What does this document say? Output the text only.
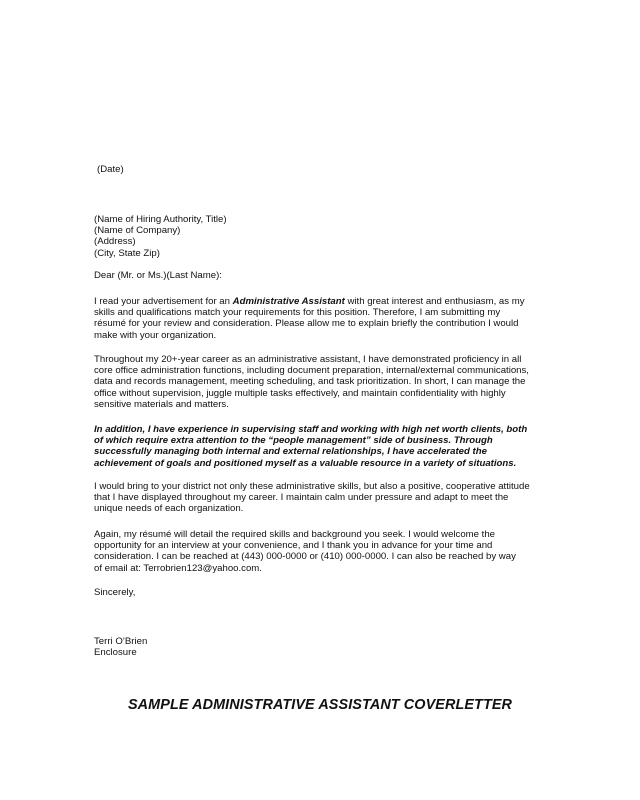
(Date)
(Name of Hiring Authority, Title)
(Name of Company)
(Address)
(City, State Zip)
Dear (Mr. or Ms.)(Last Name):
I read your advertisement for an Administrative Assistant with great interest and enthusiasm, as my
skills and qualifications match your requirements for this position. Therefore, I am submitting my
résumé for your review and consideration. Please allow me to explain briefly the contribution I would
make with your organization.
Throughout my 20+-year career as an administrative assistant, I have demonstrated proficiency in all
core office administration functions, including document preparation, internal/external communications,
data and records management, meeting scheduling, and task prioritization. In short, I can manage the
office without supervision, juggle multiple tasks effectively, and maintain confidentiality with highly
sensitive materials and matters.
In addition, I have experience in supervising staff and working with high net worth clients, both
of which require extra attention to the “people management” side of business. Through
successfully managing both internal and external relationships, I have accelerated the
achievement of goals and positioned myself as a valuable resource in a variety of situations.
I would bring to your district not only these administrative skills, but also a positive, cooperative attitude
that I have displayed throughout my career. I maintain calm under pressure and adapt to meet the
unique needs of each organization.
Again, my résumé will detail the required skills and background you seek. I would welcome the
opportunity for an interview at your convenience, and I thank you in advance for your time and
consideration. I can be reached at (443) 000-0000 or (410) 000-0000. I can also be reached by way
of email at: Terrobrien123@yahoo.com.
Sincerely,
Terri O’Brien
Enclosure
SAMPLE ADMINISTRATIVE ASSISTANT COVERLETTER
